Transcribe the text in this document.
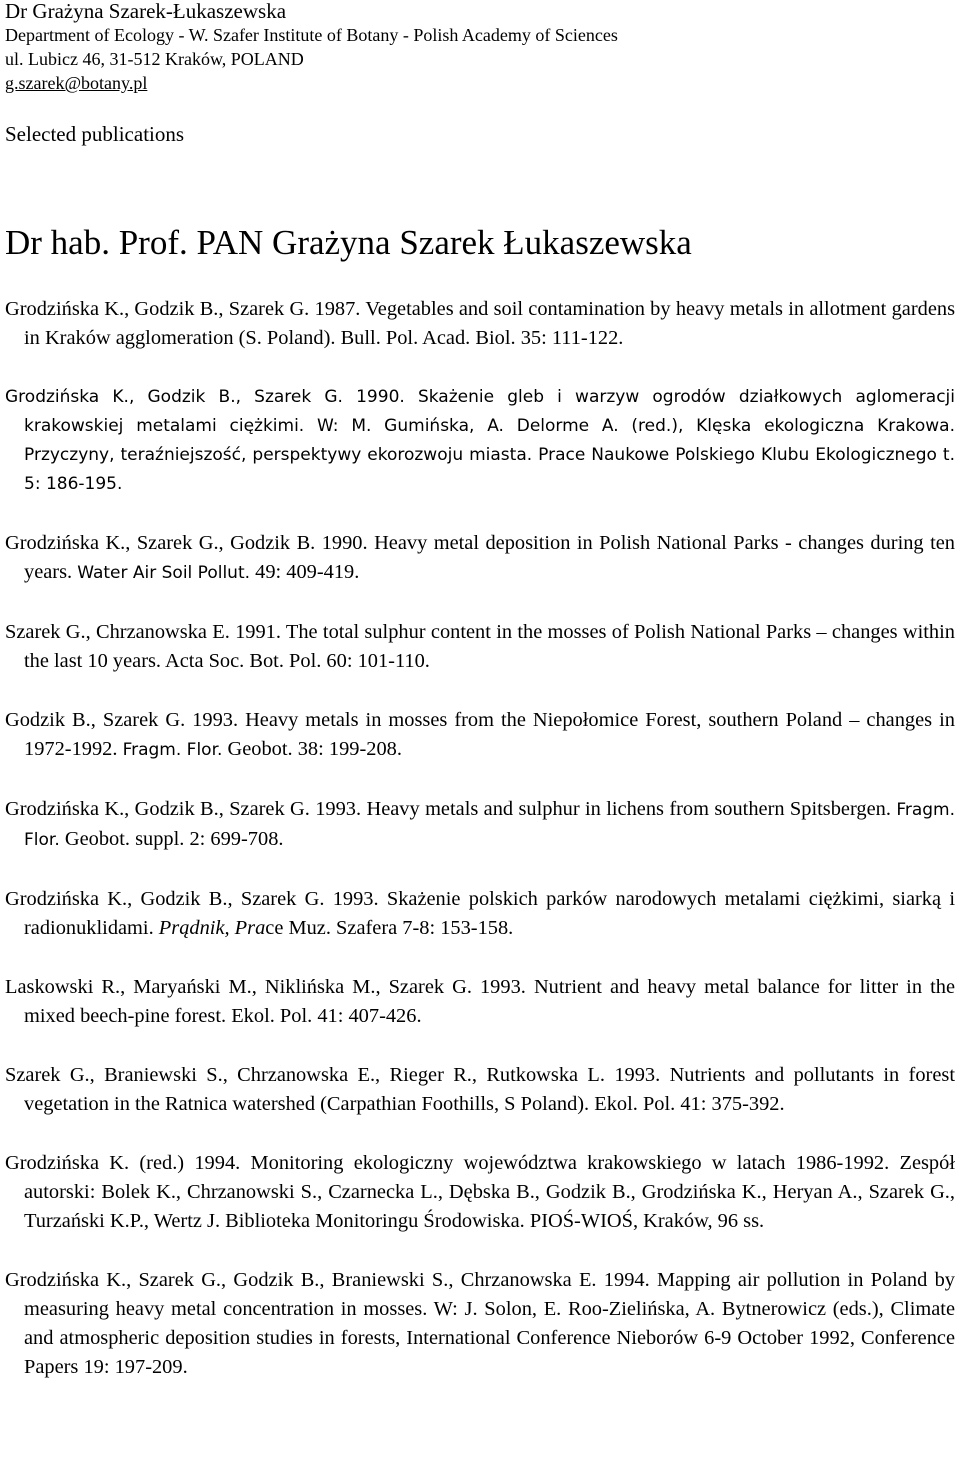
Dr Grażyna Szarek-Łukaszewska
Department of Ecology - W. Szafer Institute of Botany - Polish Academy of Sciences
ul. Lubicz 46, 31-512 Kraków, POLAND
g.szarek@botany.pl
Selected publications
Dr hab. Prof. PAN Grażyna Szarek Łukaszewska

Grodzińska K., Godzik B., Szarek G. 1987. Vegetables and soil contamination by heavy metals in allotment gardens in Kraków agglomeration (S. Poland). Bull. Pol. Acad. Biol. 35: 111-122.

Grodzińska K., Godzik B., Szarek G. 1990. Skażenie gleb i warzyw ogrodów działkowych aglomeracji krakowskiej metalami ciężkimi. W: M. Gumińska, A. Delorme A. (red.), Klęska ekologiczna Krakowa. Przyczyny, teraźniejszość, perspektywy ekorozwoju miasta. Prace Naukowe Polskiego Klubu Ekologicznego t. 5: 186-195.

Grodzińska K., Szarek G., Godzik B. 1990. Heavy metal deposition in Polish National Parks - changes during ten years. Water Air Soil Pollut. 49: 409-419.

Szarek G., Chrzanowska E. 1991. The total sulphur content in the mosses of Polish National Parks – changes within the last 10 years. Acta Soc. Bot. Pol. 60: 101-110.

Godzik B., Szarek G. 1993. Heavy metals in mosses from the Niepołomice Forest, southern Poland – changes in 1972-1992. Fragm. Flor. Geobot. 38: 199-208.

Grodzińska K., Godzik B., Szarek G. 1993. Heavy metals and sulphur in lichens from southern Spitsbergen. Fragm. Flor. Geobot. suppl. 2: 699-708.

Grodzińska K., Godzik B., Szarek G. 1993. Skażenie polskich parków narodowych metalami ciężkimi, siarką i radionuklidami. Prądnik, Prace Muz. Szafera 7-8: 153-158.

Laskowski R., Maryański M., Niklińska M., Szarek G. 1993. Nutrient and heavy metal balance for litter in the mixed beech-pine forest. Ekol. Pol. 41: 407-426.

Szarek G., Braniewski S., Chrzanowska E., Rieger R., Rutkowska L. 1993. Nutrients and pollutants in forest vegetation in the Ratnica watershed (Carpathian Foothills, S Poland). Ekol. Pol. 41: 375-392.

Grodzińska K. (red.) 1994. Monitoring ekologiczny województwa krakowskiego w latach 1986-1992. Zespół autorski: Bolek K., Chrzanowski S., Czarnecka L., Dębska B., Godzik B., Grodzińska K., Heryan A., Szarek G., Turzański K.P., Wertz J. Biblioteka Monitoringu Środowiska. PIOŚ-WIOŚ, Kraków, 96 ss.

Grodzińska K., Szarek G., Godzik B., Braniewski S., Chrzanowska E. 1994. Mapping air pollution in Poland by measuring heavy metal concentration in mosses. W: J. Solon, E. Roo-Zielińska, A. Bytnerowicz (eds.), Climate and atmospheric deposition studies in forests, International Conference Nieborów 6-9 October 1992, Conference Papers 19: 197-209.
